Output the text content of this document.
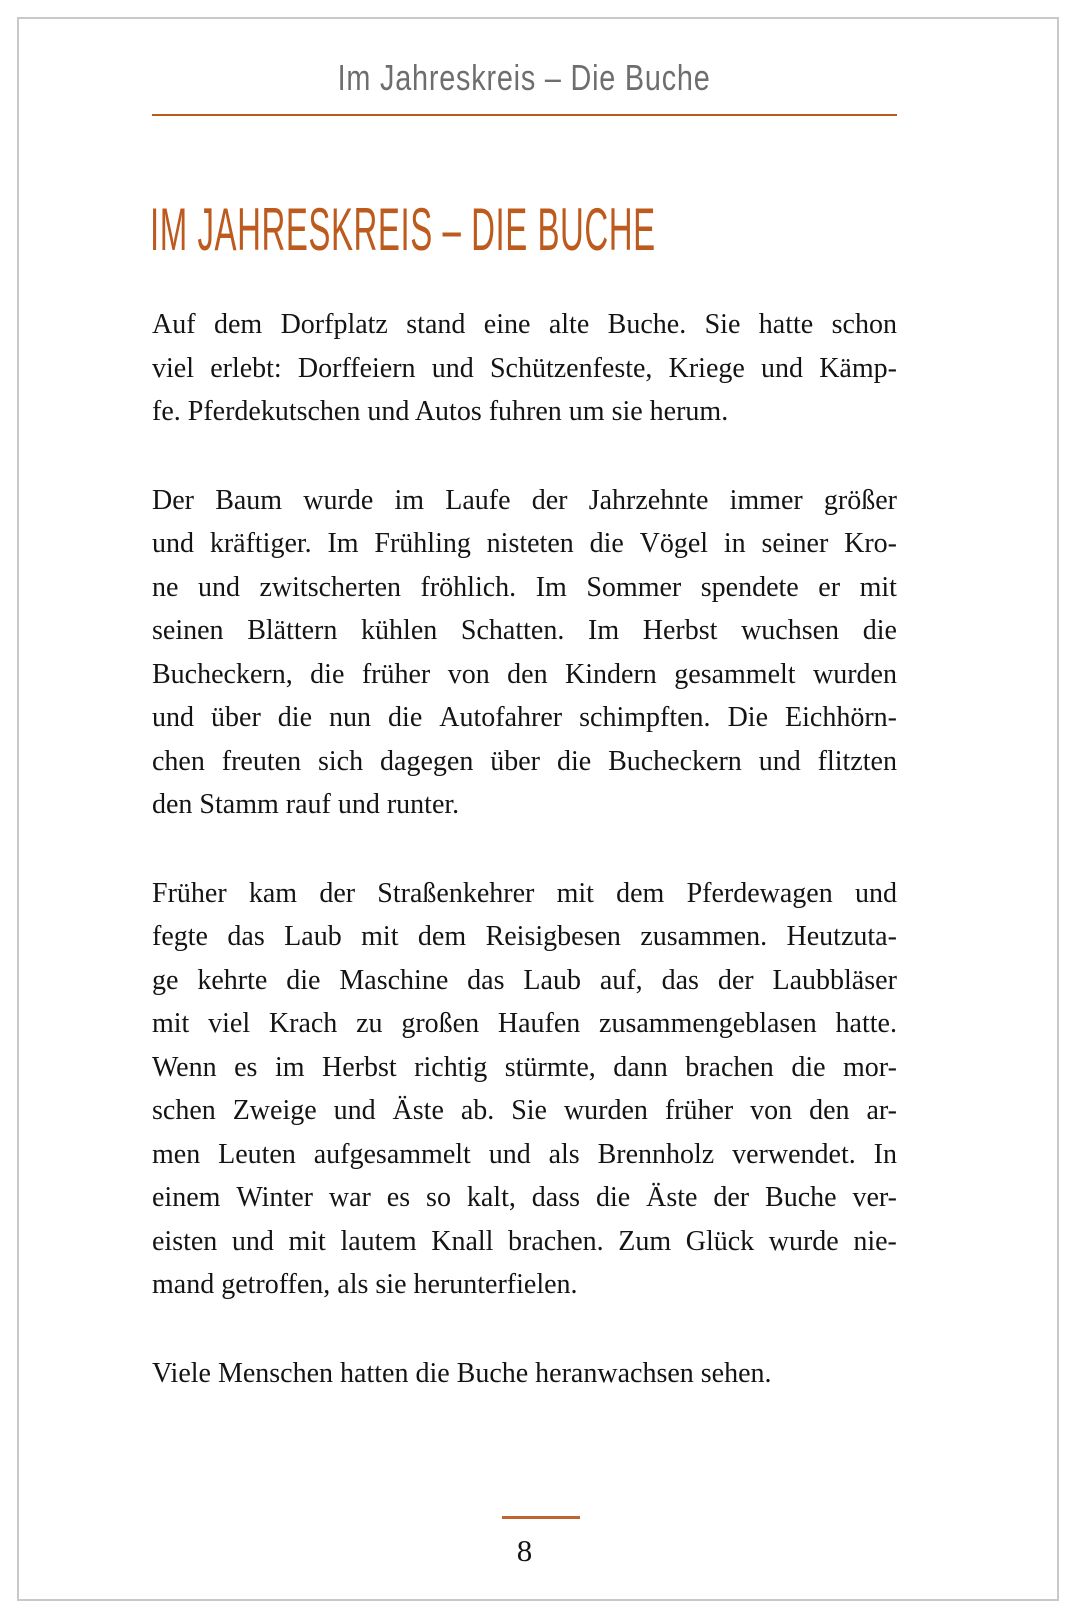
Im Jahreskreis – Die Buche
IM JAHRESKREIS – DIE BUCHE
Auf dem Dorfplatz stand eine alte Buche. Sie hatte schon
viel erlebt: Dorffeiern und Schützenfeste, Kriege und Kämp-
fe. Pferdekutschen und Autos fuhren um sie herum.
Der Baum wurde im Laufe der Jahrzehnte immer größer
und kräftiger. Im Frühling nisteten die Vögel in seiner Kro-
ne und zwitscherten fröhlich. Im Sommer spendete er mit
seinen Blättern kühlen Schatten. Im Herbst wuchsen die
Bucheckern, die früher von den Kindern gesammelt wurden
und über die nun die Autofahrer schimpften. Die Eichhörn-
chen freuten sich dagegen über die Bucheckern und flitzten
den Stamm rauf und runter.
Früher kam der Straßenkehrer mit dem Pferdewagen und
fegte das Laub mit dem Reisigbesen zusammen. Heutzuta-
ge kehrte die Maschine das Laub auf, das der Laubbläser
mit viel Krach zu großen Haufen zusammengeblasen hatte.
Wenn es im Herbst richtig stürmte, dann brachen die mor-
schen Zweige und Äste ab. Sie wurden früher von den ar-
men Leuten aufgesammelt und als Brennholz verwendet. In
einem Winter war es so kalt, dass die Äste der Buche ver-
eisten und mit lautem Knall brachen. Zum Glück wurde nie-
mand getroffen, als sie herunterfielen.
Viele Menschen hatten die Buche heranwachsen sehen.
8
